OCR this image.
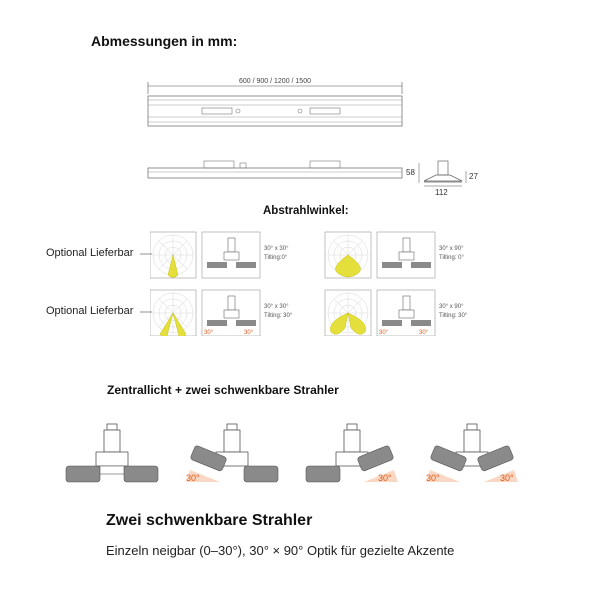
Abmessungen in mm:
Abstrahlwinkel:
Zentrallicht + zwei schwenkbare Strahler
Zwei schwenkbare Strahler
Einzeln neigbar (0–30°), 30° × 90° Optik für gezielte Akzente
Optional Lieferbar
Optional Lieferbar
600 / 900 / 1200 / 1500
58	27
112
30° x 30°
Tilting:0°
30° x 90°
Tilting: 0°
30°	30°
30° x 30°
Tilting: 30°
30°	30°
30° x 90°
Tilting: 30°
30°	30°	30°	30°
